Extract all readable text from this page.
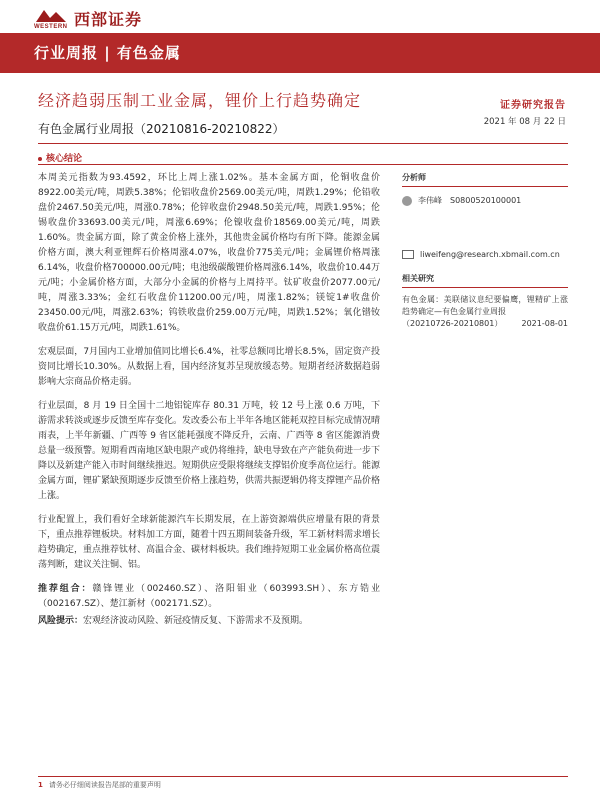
WESTERN 西部证券
行业周报 | 有色金属
经济趋弱压制工业金属，锂价上行趋势确定	证券研究报告
2021 年 08 月 22 日
有色金属行业周报（20210816-20210822）
核心结论

本周美元指数为93.4592，环比上周上涨1.02%。基本金属方面，伦铜收盘价8922.00美元/吨，周跌5.38%；伦铝收盘价2569.00美元/吨，周跌1.29%；伦铅收盘价2467.50美元/吨，周涨0.78%；伦锌收盘价2948.50美元/吨，周跌1.95%；伦锡收盘价33693.00美元/吨，周涨6.69%；伦镍收盘价18569.00美元/吨，周跌1.60%。贵金属方面，除了黄金价格上涨外，其他贵金属价格均有所下降。能源金属价格方面，澳大利亚锂辉石价格周涨4.07%，收盘价775美元/吨；金属锂价格周涨6.14%，收盘价格700000.00元/吨；电池级碳酸锂价格周涨6.14%，收盘价10.44万元/吨；小金属价格方面，大部分小金属的价格与上周持平。钛矿收盘价2077.00元/吨，周涨3.33%；金红石收盘价11200.00元/吨，周涨1.82%；镁锭1#收盘价23450.00元/吨，周涨2.63%；钨铁收盘价259.00万元/吨，周跌1.52%；氧化镨钕收盘价61.15万元/吨，周跌1.61%。

宏观层面，7月国内工业增加值同比增长6.4%，社零总额同比增长8.5%，固定资产投资同比增长10.30%。从数据上看，国内经济复苏呈现放缓态势。短期者经济数据趋弱影响大宗商品价格走弱。

行业层面，8 月 19 日全国十二地铝锭库存 80.31 万吨，较 12 号上涨 0.6 万吨，下游需求转淡或逐步反馈至库存变化。发改委公布上半年各地区能耗双控目标完成情况晴雨表，上半年新疆、广西等 9 省区能耗强度不降反升，云南、广西等 8 省区能源消费总量一级预警。短期看西南地区缺电限产或仍将维持，缺电导致在产产能负荷进一步下降以及新建产能入市时间继续推迟。短期供应受限将继续支撑铝价度季高位运行。能源金属方面，锂矿紧缺预期逐步反馈至价格上涨趋势，供需共振逻辑仍将支撑锂产品价格上涨。

行业配置上，我们看好全球新能源汽车长期发展，在上游资源端供应增量有限的背景下，重点推荐锂板块。材料加工方面，随着十四五期间装备升级，军工新材料需求增长趋势确定，重点推荐钛材、高温合金、碳材料板块。我们维持短期工业金属价格高位震荡判断，建议关注铜、铝。

推荐组合：赣锋锂业（002460.SZ）、洛阳钼业（603993.SH）、东方锆业（002167.SZ）、楚江新材（002171.SZ）。

风险提示：宏观经济波动风险、新冠疫情反复、下游需求不及预期。

分析师
李伟峰 S0800520100001
liweifeng@research.xbmail.com.cn
相关研究
有色金属：美联储议息纪要偏鹰，锂精矿上涨趋势确定—有色金属行业周报
（20210726-20210801） 2021-08-01
1 请务必仔细阅读报告尾部的重要声明
